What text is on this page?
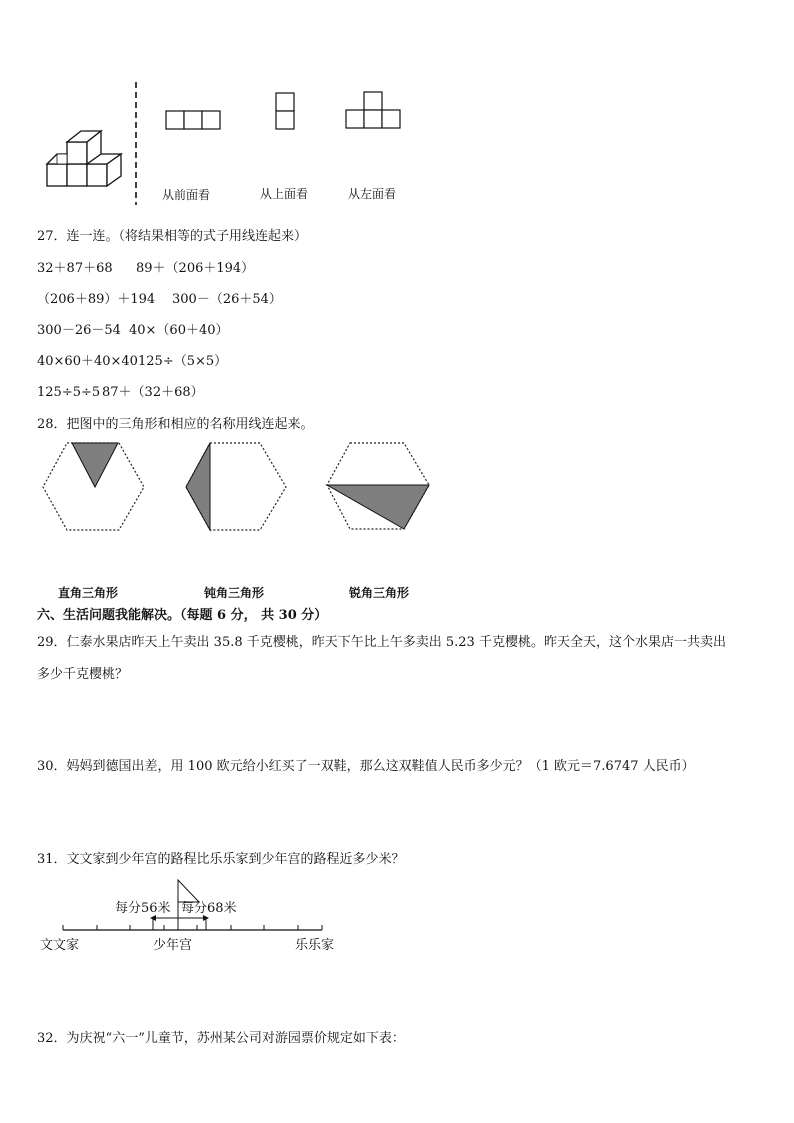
从前面看	从上面看	从左面看
27．连一连。（将结果相等的式子用线连起来）
32＋87＋68 89＋（206＋194）
（206＋89）＋194 300－（26＋54）
300－26－54 40×（60＋40）
40×60＋40×40 125÷（5×5）
125÷5÷5 87＋（32＋68）
28．把图中的三角形和相应的名称用线连起来。
直角三角形	钝角三角形	锐角三角形
六、生活问题我能解决。（每题 6 分， 共 30 分）
29．仁泰水果店昨天上午卖出 35.8 千克樱桃，昨天下午比上午多卖出 5.23 千克樱桃。昨天全天，这个水果店一共卖出
多少千克樱桃？
30．妈妈到德国出差，用 100 欧元给小红买了一双鞋，那么这双鞋值人民币多少元？（1 欧元＝7.6747 人民币）
31．文文家到少年宫的路程比乐乐家到少年宫的路程近多少米？
每分56米 每分68米
文文家	少年宫	乐乐家
32．为庆祝“六一”儿童节，苏州某公司对游园票价规定如下表：
